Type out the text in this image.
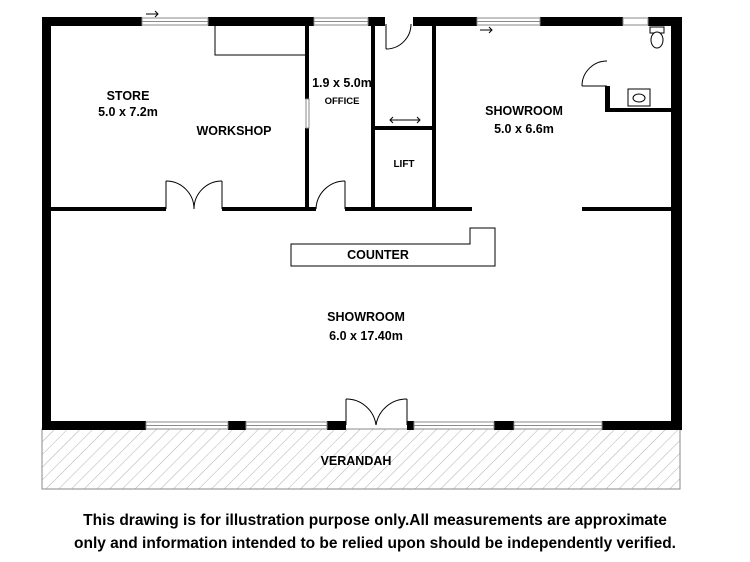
STORE
5.0 x 7.2m
WORKSHOP
1.9 x 5.0m
OFFICE
LIFT
SHOWROOM
5.0 x 6.6m
COUNTER
SHOWROOM
6.0 x 17.40m
VERANDAH
This drawing is for illustration purpose only.All measurements are approximate
only and information intended to be relied upon should be independently verified.
